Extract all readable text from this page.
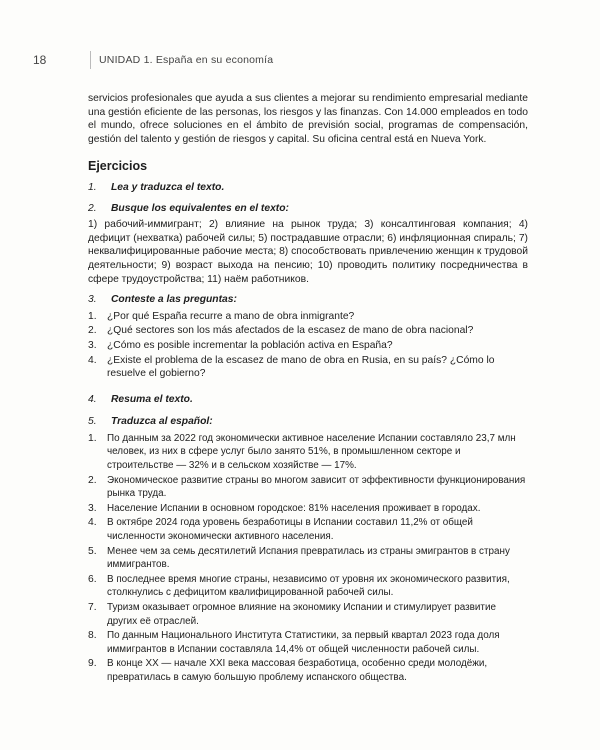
18	UNIDAD 1. España en su economía

servicios profesionales que ayuda a sus clientes a mejorar su rendimiento empresarial mediante una gestión eficiente de las personas, los riesgos y las finanzas. Con 14.000 empleados en todo el mundo, ofrece soluciones en el ámbito de previsión social, programas de compensación, gestión del talento y gestión de riesgos y capital. Su oficina central está en Nueva York.

Ejercicios
1.	Lea y traduzca el texto.
2.	Busque los equivalentes en el texto:

1) рабочий-иммигрант; 2) влияние на рынок труда; 3) консалтинговая компания; 4) дефицит (нехватка) рабочей силы; 5) пострадавшие отрасли; 6) инфляционная спираль; 7) неквалифицированные рабочие места; 8) способствовать привлечению женщин к трудовой деятельности; 9) возраст выхода на пенсию; 10) проводить политику посредничества в сфере трудоустройства; 11) наём работников.

3.	Conteste a las preguntas:
1.	¿Por qué España recurre a mano de obra inmigrante?
2.	¿Qué sectores son los más afectados de la escasez de mano de obra nacional?
3.	¿Cómo es posible incrementar la población activa en España?
4.	¿Existe el problema de la escasez de mano de obra en Rusia, en su país? ¿Cómo lo resuelve el gobierno?
4.	Resuma el texto.
5.	Traduzca al español:
1.	По данным за 2022 год экономически активное население Испании составляло 23,7 млн человек, из них в сфере услуг было занято 51%, в промышленном секторе и строительстве — 32% и в сельском хозяйстве — 17%.
2.	Экономическое развитие страны во многом зависит от эффективности функционирования рынка труда.
3.	Население Испании в основном городское: 81% населения проживает в городах.
4.	В октябре 2024 года уровень безработицы в Испании составил 11,2% от общей численности экономически активного населения.
5.	Менее чем за семь десятилетий Испания превратилась из страны эмигрантов в страну иммигрантов.
6.	В последнее время многие страны, независимо от уровня их экономического развития, столкнулись с дефицитом квалифицированной рабочей силы.
7.	Туризм оказывает огромное влияние на экономику Испании и стимулирует развитие других её отраслей.
8.	По данным Национального Института Статистики, за первый квартал 2023 года доля иммигрантов в Испании составляла 14,4% от общей численности рабочей силы.
9.	В конце XX — начале XXI века массовая безработица, особенно среди молодёжи, превратилась в самую большую проблему испанского общества.
